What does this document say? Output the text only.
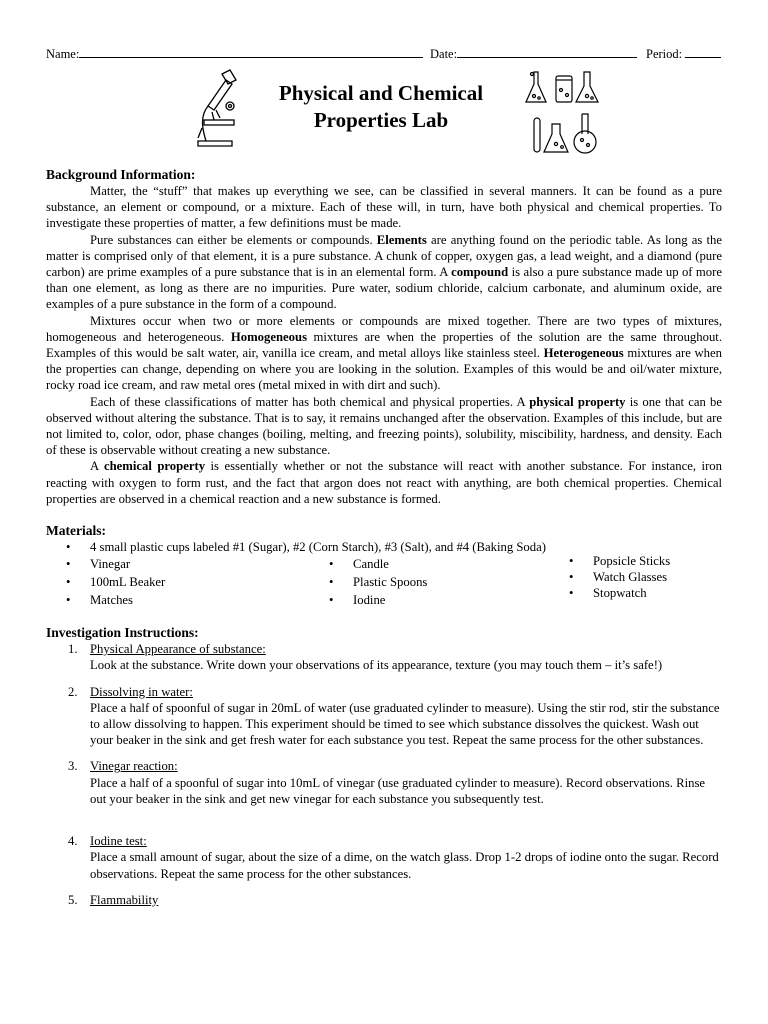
Name:	Date:	Period:
Physical and Chemical
Properties Lab

Background Information:

Matter, the “stuff” that makes up everything we see, can be classified in several manners. It can be found as a pure substance, an element or compound, or a mixture. Each of these will, in turn, have both physical and chemical properties. To investigate these properties of matter, a few definitions must be made.

Pure substances can either be elements or compounds. Elements are anything found on the periodic table. As long as the matter is comprised only of that element, it is a pure substance. A chunk of copper, oxygen gas, a lead weight, and a diamond (pure carbon) are prime examples of a pure substance that is in an elemental form. A compound is also a pure substance made up of more than one element, as long as there are no impurities. Pure water, sodium chloride, calcium carbonate, and aluminum oxide, are examples of a pure substance in the form of a compound.

Mixtures occur when two or more elements or compounds are mixed together. There are two types of mixtures, homogeneous and heterogeneous. Homogeneous mixtures are when the properties of the solution are the same throughout. Examples of this would be salt water, air, vanilla ice cream, and metal alloys like stainless steel. Heterogeneous mixtures are when the properties can change, depending on where you are looking in the solution. Examples of this would be and oil/water mixture, rocky road ice cream, and raw metal ores (metal mixed in with dirt and such).

Each of these classifications of matter has both chemical and physical properties. A physical property is one that can be observed without altering the substance. That is to say, it remains unchanged after the observation. Examples of this include, but are not limited to, color, odor, phase changes (boiling, melting, and freezing points), solubility, miscibility, hardness, and density. Each of these is observable without creating a new substance.

A chemical property is essentially whether or not the substance will react with another substance. For instance, iron reacting with oxygen to form rust, and the fact that argon does not react with anything, are both chemical properties. Chemical properties are observed in a chemical reaction and a new substance is formed.

Materials:

• 4 small plastic cups labeled #1 (Sugar), #2 (Corn Starch), #3 (Salt), and #4 (Baking Soda)
• Vinegar
• 100mL Beaker
• Matches
• Candle
• Plastic Spoons
• Iodine
• Popsicle Sticks
• Watch Glasses
• Stopwatch

Investigation Instructions:

1. Physical Appearance of substance:

Look at the substance. Write down your observations of its appearance, texture (you may touch them – it’s safe!)

2. Dissolving in water:

Place a half of spoonful of sugar in 20mL of water (use graduated cylinder to measure). Using the stir rod, stir the substance to allow dissolving to happen. This experiment should be timed to see which substance dissolves the quickest. Wash out your beaker in the sink and get fresh water for each substance you test. Repeat the same process for the other substances.

3. Vinegar reaction:

Place a half of a spoonful of sugar into 10mL of vinegar (use graduated cylinder to measure). Record observations. Rinse out your beaker in the sink and get new vinegar for each substance you subsequently test.

4. Iodine test:

Place a small amount of sugar, about the size of a dime, on the watch glass. Drop 1-2 drops of iodine onto the sugar. Record observations. Repeat the same process for the other substances.

5. Flammability
